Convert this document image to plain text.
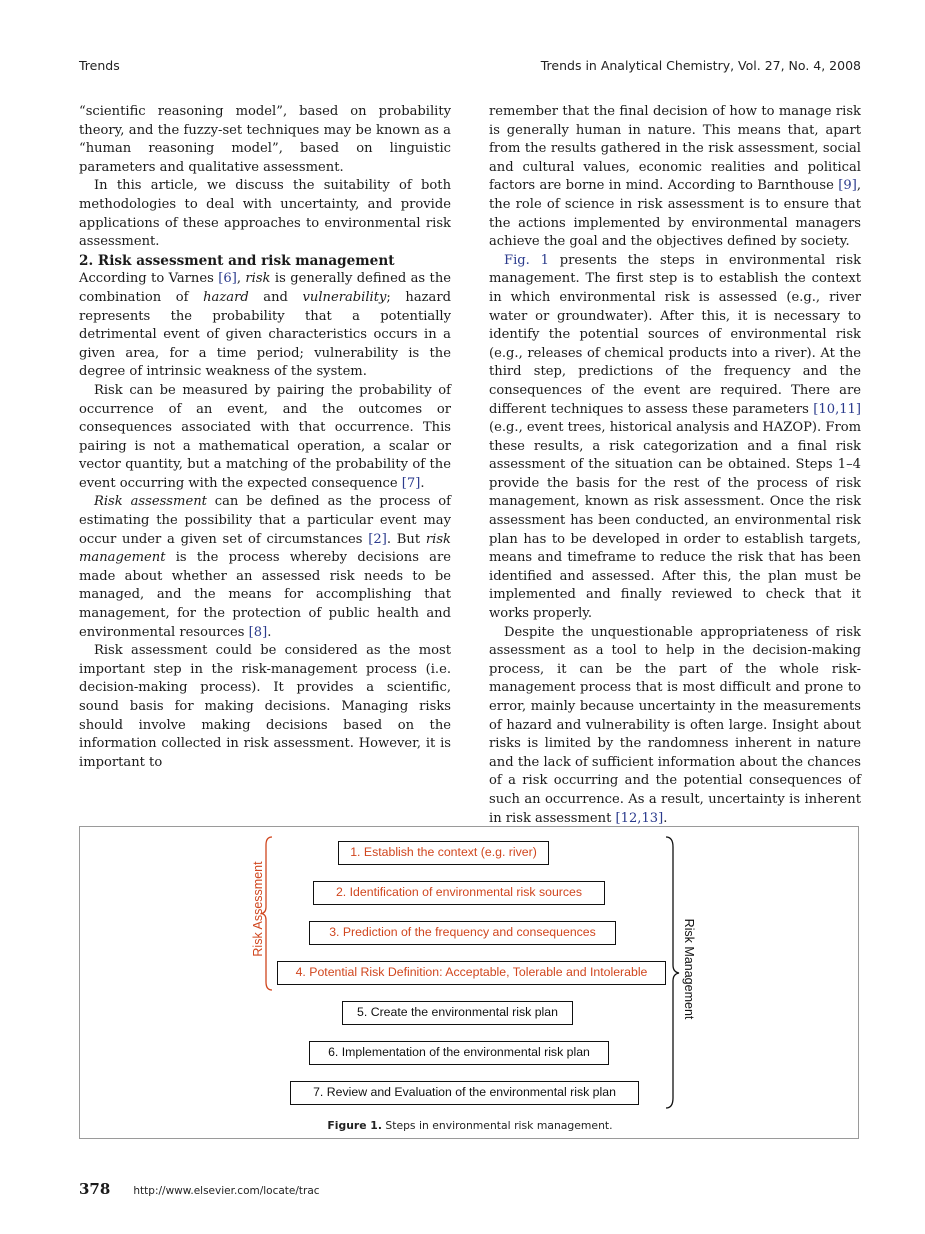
Trends	Trends in Analytical Chemistry, Vol. 27, No. 4, 2008

“scientific reasoning model”, based on probability theory, and the fuzzy-set techniques may be known as a “human reasoning model”, based on linguistic parameters and qualitative assessment.

In this article, we discuss the suitability of both methodologies to deal with uncertainty, and provide applications of these approaches to environmental risk assessment.

2. Risk assessment and risk management

According to Varnes [6], risk is generally defined as the combination of hazard and vulnerability; hazard represents the probability that a potentially detrimental event of given characteristics occurs in a given area, for a time period; vulnerability is the degree of intrinsic weakness of the system.

Risk can be measured by pairing the probability of occurrence of an event, and the outcomes or consequences associated with that occurrence. This pairing is not a mathematical operation, a scalar or vector quantity, but a matching of the probability of the event occurring with the expected consequence [7].

Risk assessment can be defined as the process of estimating the possibility that a particular event may occur under a given set of circumstances [2]. But risk management is the process whereby decisions are made about whether an assessed risk needs to be managed, and the means for accomplishing that management, for the protection of public health and environmental resources [8].

Risk assessment could be considered as the most important step in the risk-management process (i.e. decision-making process). It provides a scientific, sound basis for making decisions. Managing risks should involve making decisions based on the information collected in risk assessment. However, it is important to

remember that the final decision of how to manage risk is generally human in nature. This means that, apart from the results gathered in the risk assessment, social and cultural values, economic realities and political factors are borne in mind. According to Barnthouse [9], the role of science in risk assessment is to ensure that the actions implemented by environmental managers achieve the goal and the objectives defined by society.

Fig. 1 presents the steps in environmental risk management. The first step is to establish the context in which environmental risk is assessed (e.g., river water or groundwater). After this, it is necessary to identify the potential sources of environmental risk (e.g., releases of chemical products into a river). At the third step, predictions of the frequency and the consequences of the event are required. There are different techniques to assess these parameters [10,11] (e.g., event trees, historical analysis and HAZOP). From these results, a risk categorization and a final risk assessment of the situation can be obtained. Steps 1–4 provide the basis for the rest of the process of risk management, known as risk assessment. Once the risk assessment has been conducted, an environmental risk plan has to be developed in order to establish targets, means and timeframe to reduce the risk that has been identified and assessed. After this, the plan must be implemented and finally reviewed to check that it works properly.

Despite the unquestionable appropriateness of risk assessment as a tool to help in the decision-making process, it can be the part of the whole risk-management process that is most difficult and prone to error, mainly because uncertainty in the measurements of hazard and vulnerability is often large. Insight about risks is limited by the randomness inherent in nature and the lack of sufficient information about the chances of a risk occurring and the potential consequences of such an occurrence. As a result, uncertainty is inherent in risk assessment [12,13].

1. Establish the context (e.g. river)
2. Identification of environmental risk sources
3. Prediction of the frequency and consequences
4. Potential Risk Definition: Acceptable, Tolerable and Intolerable
5. Create the environmental risk plan
6. Implementation of the environmental risk plan
7. Review and Evaluation of the environmental risk plan
Risk Assessment
Risk Management
Figure 1. Steps in environmental risk management.
378 http://www.elsevier.com/locate/trac
